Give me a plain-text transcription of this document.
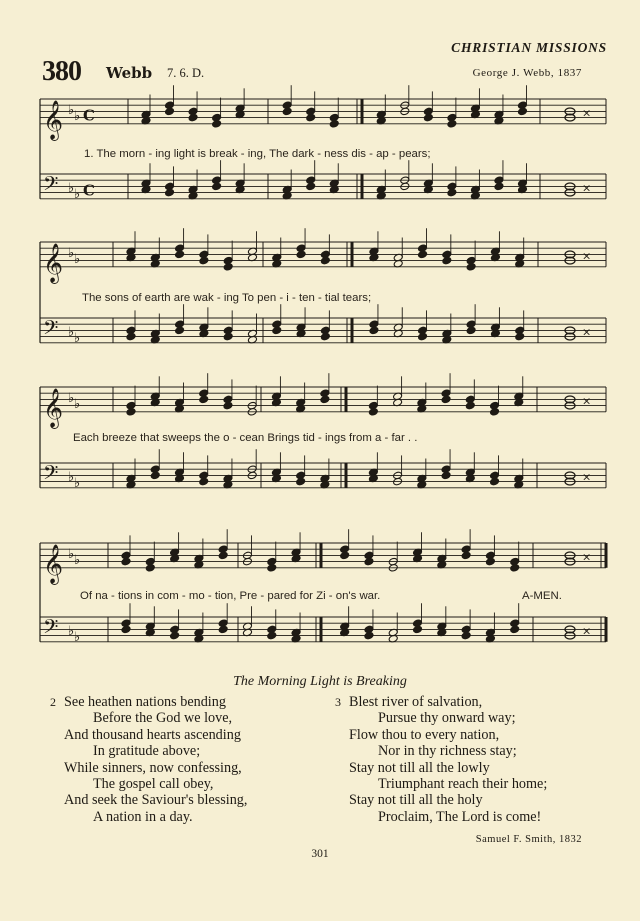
𝄞 ♭ ♭ C
𝄢 ♭ ♭ C
×
×
𝄞 ♭ ♭
𝄢 ♭ ♭
×
×
𝄞 ♭ ♭
𝄢 ♭ ♭
×
×
𝄞 ♭ ♭
𝄢 ♭ ♭
×
×
CHRISTIAN MISSIONS
380 Webb 7. 6. D.	George J. Webb, 1837
1. The morn - ing light is break - ing, The dark - ness dis - ap - pears;
The sons of earth are wak - ing To pen - i - ten - tial tears;
Each breeze that sweeps the o - cean Brings tid - ings from a - far . .
Of na - tions in com - mo - tion, Pre - pared for Zi - on's war.	A-MEN.
The Morning Light is Breaking
2 See heathen nations bending
Before the God we love,
And thousand hearts ascending
In gratitude above;
While sinners, now confessing,
The gospel call obey,
And seek the Saviour's blessing,
A nation in a day.
3 Blest river of salvation,
Pursue thy onward way;
Flow thou to every nation,
Nor in thy richness stay;
Stay not till all the lowly
Triumphant reach their home;
Stay not till all the holy
Proclaim, The Lord is come!
Samuel F. Smith, 1832
301
